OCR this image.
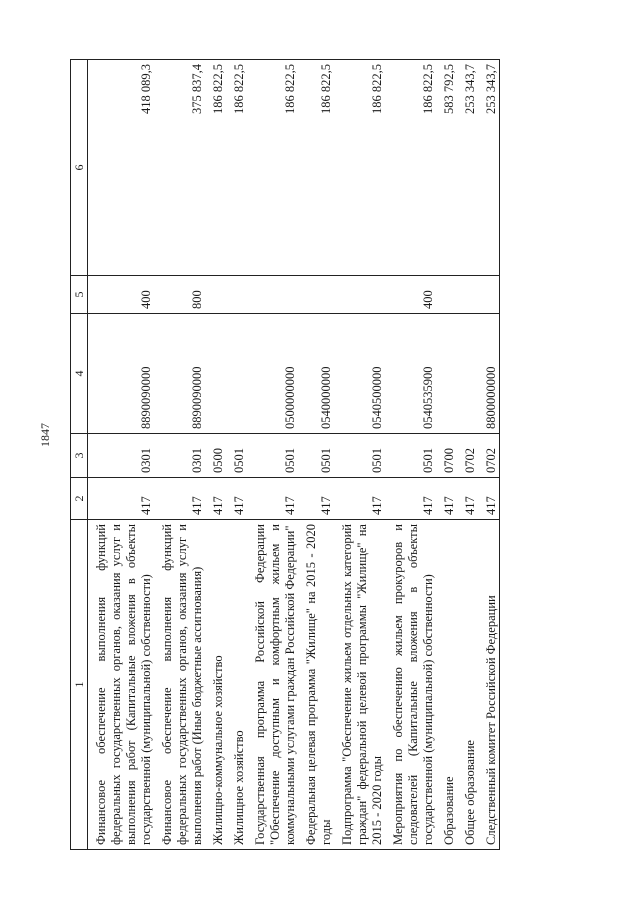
1847
1	2	3	4	5	6
Финансовое обеспечение выполнения функций федеральных государственных органов, оказания услуг и выполнения работ (Капитальные вложения в объекты государственной (муниципальной) собственности)	417	0301	8890090000	400	418 089,3
Финансовое обеспечение выполнения функций федеральных государственных органов, оказания услуг и выполнения работ (Иные бюджетные ассигнования)	417	0301	8890090000	800	375 837,4
Жилищно-коммунальное хозяйство	417	0500			186 822,5
Жилищное хозяйство	417	0501			186 822,5
Государственная программа Российской Федерации "Обеспечение доступным и комфортным жильем и коммунальными услугами граждан Российской Федерации"	417	0501	0500000000		186 822,5
Федеральная целевая программа "Жилище" на 2015 - 2020 годы	417	0501	0540000000		186 822,5
Подпрограмма "Обеспечение жильем отдельных категорий граждан" федеральной целевой программы "Жилище" на 2015 - 2020 годы	417	0501	0540500000		186 822,5
Мероприятия по обеспечению жильем прокуроров и следователей (Капитальные вложения в объекты государственной (муниципальной) собственности)	417	0501	0540535900	400	186 822,5
Образование	417	0700			583 792,5
Общее образование	417	0702			253 343,7
Следственный комитет Российской Федерации	417	0702	8800000000		253 343,7
